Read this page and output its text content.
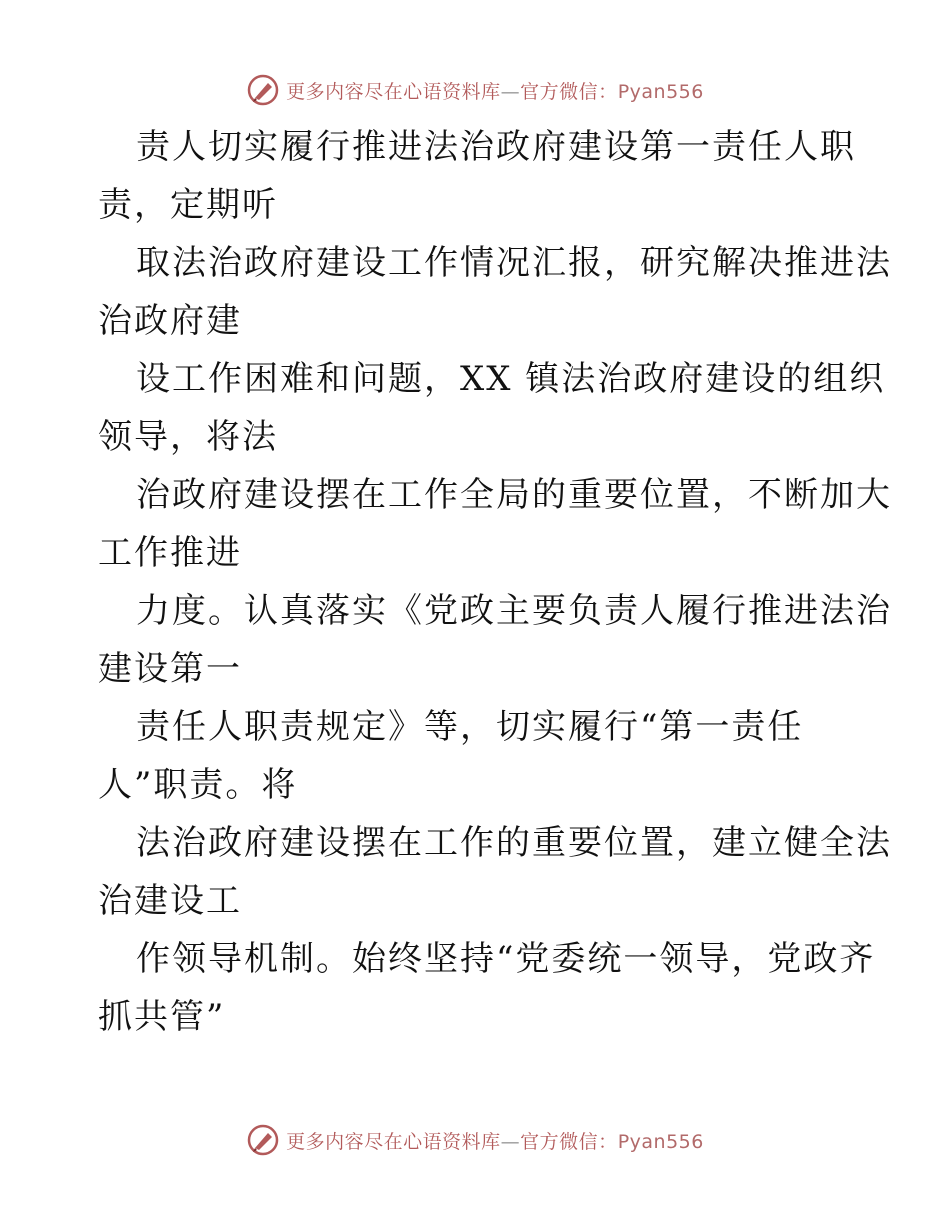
更多内容尽在心语资料库—官方微信：Pyan556
责人切实履行推进法治政府建设第一责任人职
责，定期听
取法治政府建设工作情况汇报，研究解决推进法
治政府建
设工作困难和问题，XX 镇法治政府建设的组织
领导，将法
治政府建设摆在工作全局的重要位置，不断加大
工作推进
力度。认真落实《党政主要负责人履行推进法治
建设第一
责任人职责规定》等，切实履行“第一责任
人”职责。将
法治政府建设摆在工作的重要位置，建立健全法
治建设工
作领导机制。始终坚持“党委统一领导，党政齐
抓共管”
更多内容尽在心语资料库—官方微信：Pyan556
